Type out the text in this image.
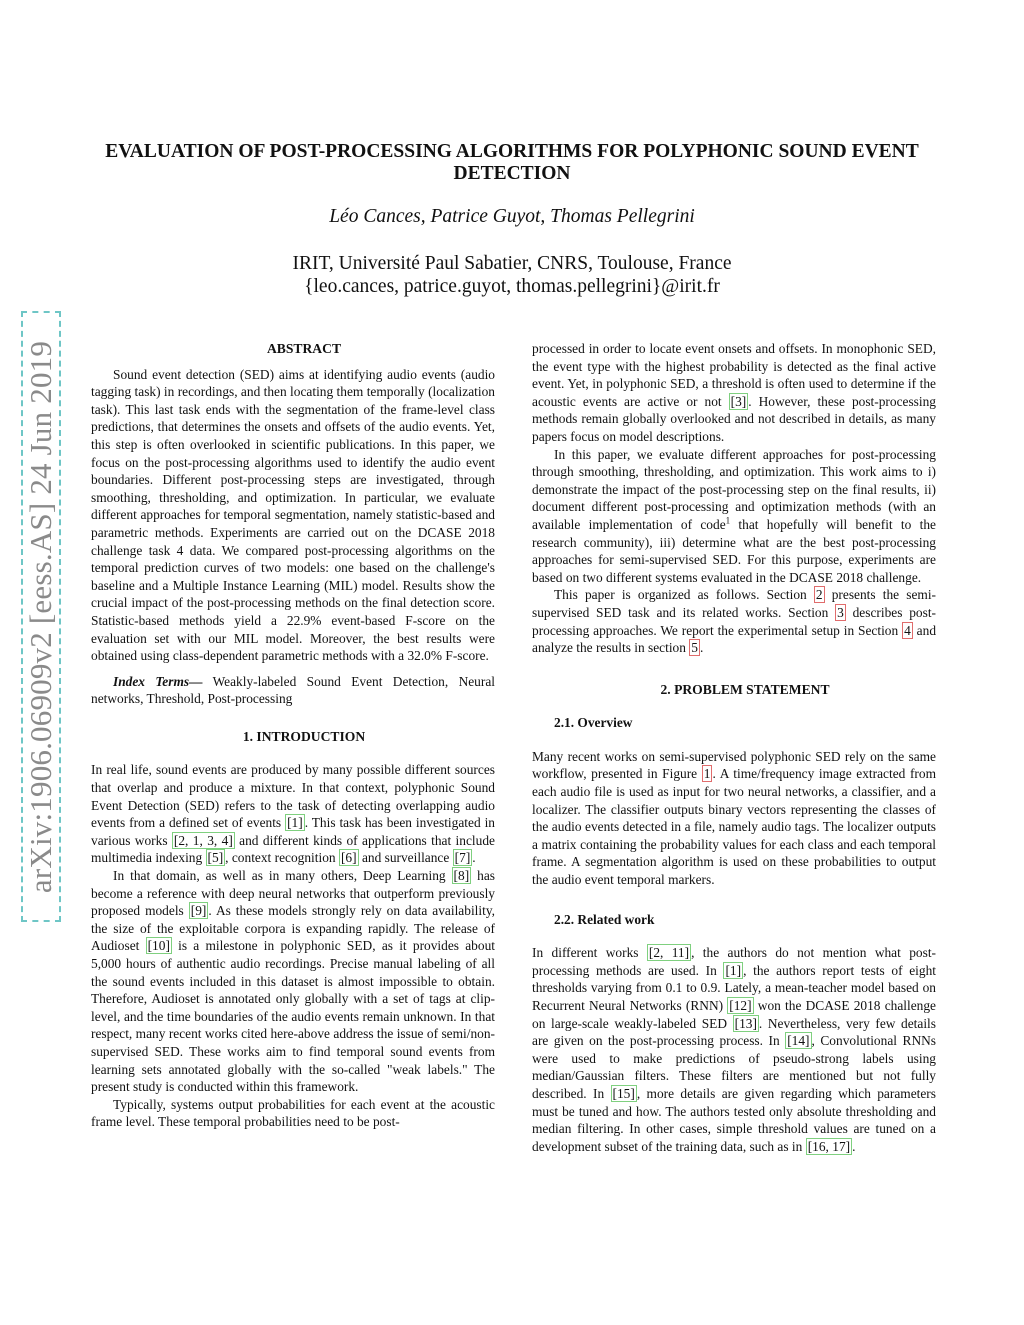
arXiv:1906.06909v2 [eess.AS] 24 Jun 2019
EVALUATION OF POST-PROCESSING ALGORITHMS FOR POLYPHONIC SOUND EVENT DETECTION
Léo Cances, Patrice Guyot, Thomas Pellegrini
IRIT, Université Paul Sabatier, CNRS, Toulouse, France
{leo.cances, patrice.guyot, thomas.pellegrini}@irit.fr

ABSTRACT

Sound event detection (SED) aims at identifying audio events (audio tagging task) in recordings, and then locating them temporally (localization task). This last task ends with the segmentation of the frame-level class predictions, that determines the onsets and offsets of the audio events. Yet, this step is often overlooked in scientific publications. In this paper, we focus on the post-processing algorithms used to identify the audio event boundaries. Different post-processing steps are investigated, through smoothing, thresholding, and optimization. In particular, we evaluate different approaches for temporal segmentation, namely statistic-based and parametric methods. Experiments are carried out on the DCASE 2018 challenge task 4 data. We compared post-processing algorithms on the temporal prediction curves of two models: one based on the challenge's baseline and a Multiple Instance Learning (MIL) model. Results show the crucial impact of the post-processing methods on the final detection score. Statistic-based methods yield a 22.9% event-based F-score on the evaluation set with our MIL model. Moreover, the best results were obtained using class-dependent parametric methods with a 32.0% F-score.

Index Terms— Weakly-labeled Sound Event Detection, Neural networks, Threshold, Post-processing

1. INTRODUCTION

In real life, sound events are produced by many possible different sources that overlap and produce a mixture. In that context, polyphonic Sound Event Detection (SED) refers to the task of detecting overlapping audio events from a defined set of events [1] . This task has been investigated in various works [2, 1, 3, 4] and different kinds of applications that include multimedia indexing [5] , context recognition [6] and surveillance [7] .

In that domain, as well as in many others, Deep Learning [8] has become a reference with deep neural networks that outperform previously proposed models [9] . As these models strongly rely on data availability, the size of the exploitable corpora is expanding rapidly. The release of Audioset [10] is a milestone in polyphonic SED, as it provides about 5,000 hours of authentic audio recordings. Precise manual labeling of all the sound events included in this dataset is almost impossible to obtain. Therefore, Audioset is annotated only globally with a set of tags at clip-level, and the time boundaries of the audio events remain unknown. In that respect, many recent works cited here-above address the issue of semi/non-supervised SED. These works aim to find temporal sound events from learning sets annotated globally with the so-called "weak labels." The present study is conducted within this framework.

Typically, systems output probabilities for each event at the acoustic frame level. These temporal probabilities need to be post-

processed in order to locate event onsets and offsets. In monophonic SED, the event type with the highest probability is detected as the final active event. Yet, in polyphonic SED, a threshold is often used to determine if the acoustic events are active or not [3] . However, these post-processing methods remain globally overlooked and not described in details, as many papers focus on model descriptions.

In this paper, we evaluate different approaches for post-processing through smoothing, thresholding, and optimization. This work aims to i) demonstrate the impact of the post-processing step on the final results, ii) document different post-processing and optimization methods (with an available implementation of code$^1$ that hopefully will benefit to the research community), iii) determine what are the best post-processing approaches for semi-supervised SED. For this purpose, experiments are based on two different systems evaluated in the DCASE 2018 challenge.

This paper is organized as follows. Section 2 presents the semi-supervised SED task and its related works. Section 3 describes post-processing approaches. We report the experimental setup in Section 4 and analyze the results in section 5 .

2. PROBLEM STATEMENT

2.1. Overview

Many recent works on semi-supervised polyphonic SED rely on the same workflow, presented in Figure 1 . A time/frequency image extracted from each audio file is used as input for two neural networks, a classifier, and a localizer. The classifier outputs binary vectors representing the classes of the audio events detected in a file, namely audio tags. The localizer outputs a matrix containing the probability values for each class and each temporal frame. A segmentation algorithm is used on these probabilities to output the audio event temporal markers.

2.2. Related work

In different works [2, 11] , the authors do not mention what post-processing methods are used. In [1] , the authors report tests of eight thresholds varying from 0.1 to 0.9. Lately, a mean-teacher model based on Recurrent Neural Networks (RNN) [12] won the DCASE 2018 challenge on large-scale weakly-labeled SED [13] . Nevertheless, very few details are given on the post-processing process. In [14] , Convolutional RNNs were used to make predictions of pseudo-strong labels using median/Gaussian filters. These filters are mentioned but not fully described. In [15] , more details are given regarding which parameters must be tuned and how. The authors tested only absolute thresholding and median filtering. In other cases, simple threshold values are tuned on a development subset of the training data, such as in [16, 17] .
